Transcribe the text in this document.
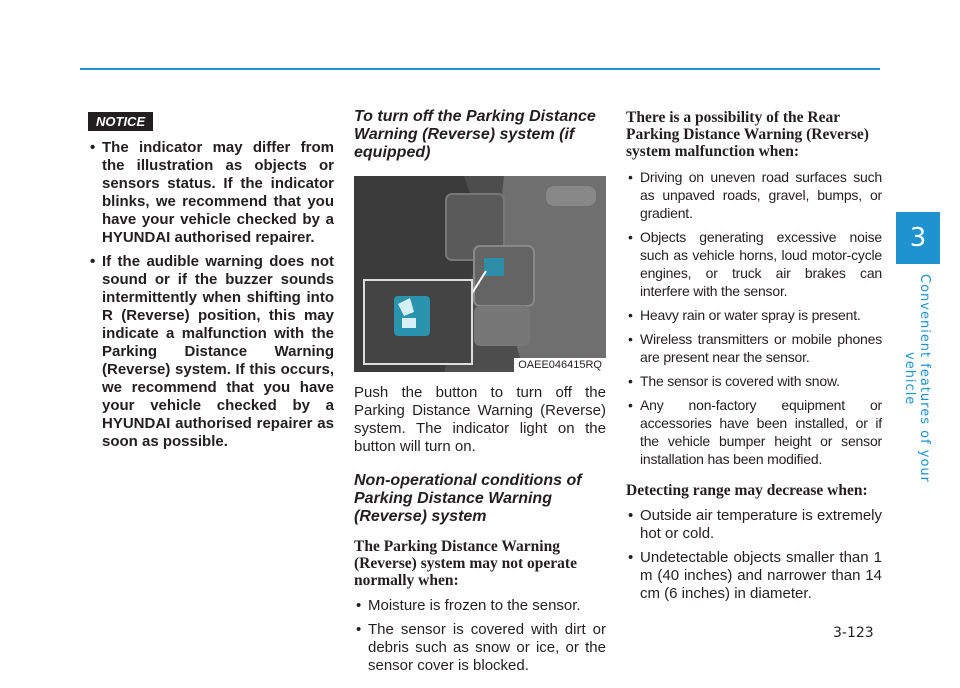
NOTICE
• The indicator may differ from the illustration as objects or sensors status. If the indicator blinks, we recommend that you have your vehicle checked by a HYUNDAI authorised repairer.
• If the audible warning does not sound or if the buzzer sounds intermittently when shifting into R (Reverse) position, this may indicate a malfunction with the Parking Distance Warning (Reverse) system. If this occurs, we recommend that you have your vehicle checked by a HYUNDAI authorised repairer as soon as possible.

To turn off the Parking Distance Warning (Reverse) system (if equipped)

OAEE046415RQ

Push the button to turn off the Parking Distance Warning (Reverse) system. The indicator light on the button will turn on.

Non-operational conditions of Parking Distance Warning (Reverse) system

The Parking Distance Warning (Reverse) system may not operate normally when:

• Moisture is frozen to the sensor.
• The sensor is covered with dirt or debris such as snow or ice, or the sensor cover is blocked.

There is a possibility of the Rear Parking Distance Warning (Reverse) system malfunction when:

• Driving on uneven road surfaces such as unpaved roads, gravel, bumps, or gradient.
• Objects generating excessive noise such as vehicle horns, loud motor-cycle engines, or truck air brakes can interfere with the sensor.
• Heavy rain or water spray is present.
• Wireless transmitters or mobile phones are present near the sensor.
• The sensor is covered with snow.
• Any non-factory equipment or accessories have been installed, or if the vehicle bumper height or sensor installation has been modified.

Detecting range may decrease when:

• Outside air temperature is extremely hot or cold.
• Undetectable objects smaller than 1 m (40 inches) and narrower than 14 cm (6 inches) in diameter.
3
Convenient features of your vehicle
3-123
